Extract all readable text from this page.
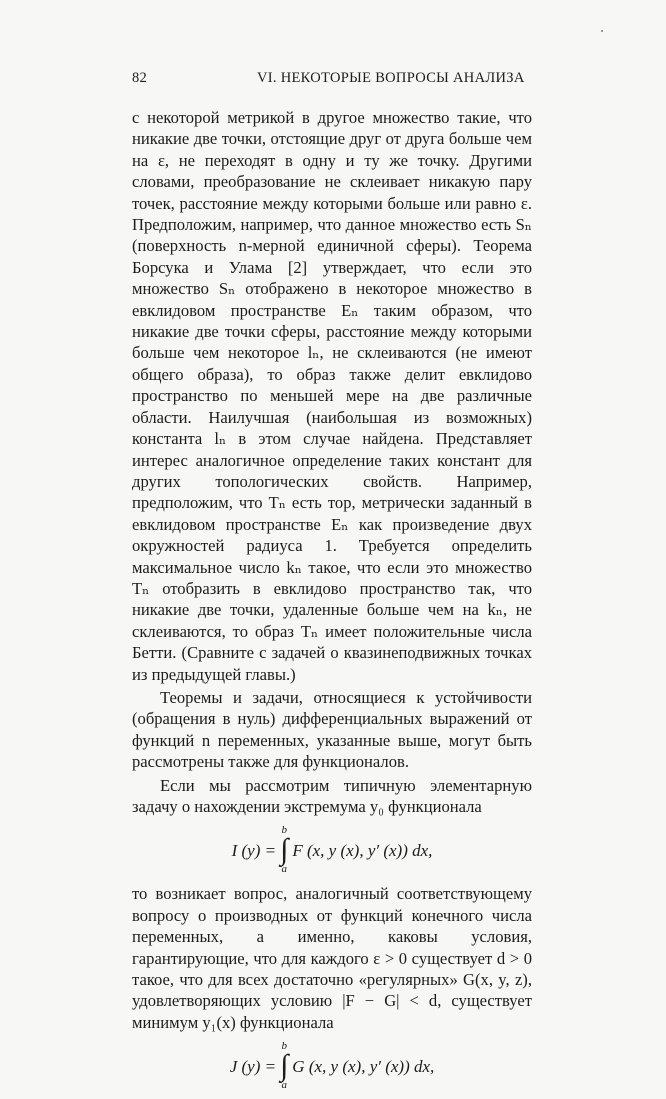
82	VI. НЕКОТОРЫЕ ВОПРОСЫ АНАЛИЗА

с некоторой метрикой в другое множество такие, что никакие две точки, отстоящие друг от друга больше чем на ε, не переходят в одну и ту же точку. Другими словами, преобразование не склеивает никакую пару точек, расстояние между которыми больше или равно ε. Предположим, например, что данное множество есть Sₙ (поверхность n-мерной единичной сферы). Теорема Борсука и Улама [2] утверждает, что если это множество Sₙ отображено в некоторое множество в евклидовом пространстве Eₙ таким образом, что никакие две точки сферы, расстояние между которыми больше чем некоторое lₙ, не склеиваются (не имеют общего образа), то образ также делит евклидово пространство по меньшей мере на две различные области. Наилучшая (наибольшая из возможных) константа lₙ в этом случае найдена. Представляет интерес аналогичное определение таких констант для других топологических свойств. Например, предположим, что Tₙ есть тор, метрически заданный в евклидовом пространстве Eₙ как произведение двух окружностей радиуса 1. Требуется определить максимальное число kₙ такое, что если это множество Tₙ отобразить в евклидово пространство так, что никакие две точки, удаленные больше чем на kₙ, не склеиваются, то образ Tₙ имеет положительные числа Бетти. (Сравните с задачей о квазинеподвижных точках из предыдущей главы.)

Теоремы и задачи, относящиеся к устойчивости (обращения в нуль) дифференциальных выражений от функций n переменных, указанные выше, могут быть рассмотрены также для функционалов.

Если мы рассмотрим типичную элементарную задачу о нахождении экстремума y₀ функционала

I (y) =
b
∫
a
F (x, y (x), y′ (x)) dx,

то возникает вопрос, аналогичный соответствующему вопросу о производных от функций конечного числа переменных, а именно, каковы условия, гарантирующие, что для каждого ε > 0 существует d > 0 такое, что для всех достаточно «регулярных» G(x, y, z), удовлетворяющих условию |F − G| < d, существует минимум y₁(x) функционала

J (y) =
b
∫
a
G (x, y (x), y′ (x)) dx,
